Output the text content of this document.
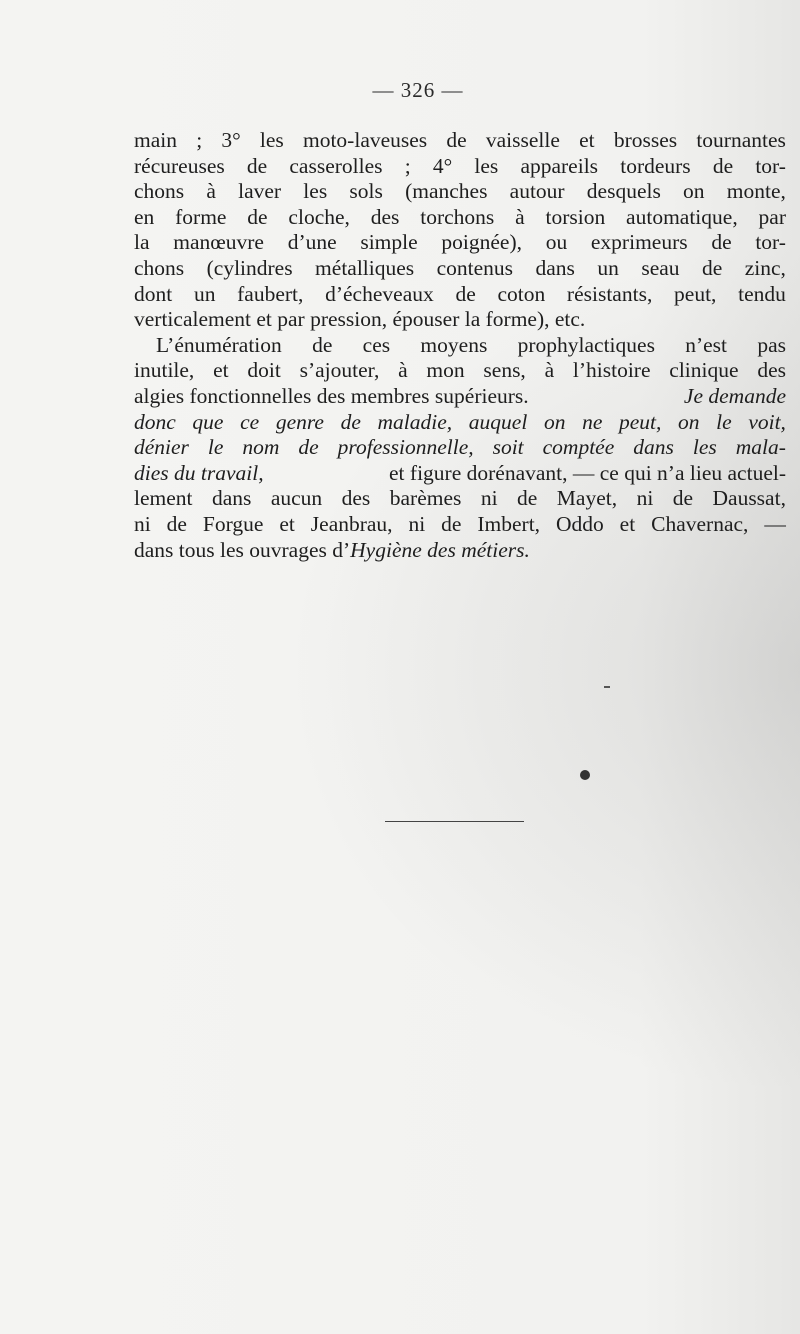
— 326 —
main ; 3° les moto-laveuses de vaisselle et brosses tournantes
récureuses de casserolles ; 4° les appareils tordeurs de tor-
chons à laver les sols (manches autour desquels on monte,
en forme de cloche, des torchons à torsion automatique, par
la manœuvre d’une simple poignée), ou exprimeurs de tor-
chons (cylindres métalliques contenus dans un seau de zinc,
dont un faubert, d’écheveaux de coton résistants, peut, tendu
verticalement et par pression, épouser la forme), etc.
L’énumération de ces moyens prophylactiques n’est pas
inutile, et doit s’ajouter, à mon sens, à l’histoire clinique des
algies fonctionnelles des membres supérieurs.	Je demande
donc que ce genre de maladie, auquel on ne peut, on le voit,
dénier le nom de professionnelle, soit comptée dans les mala-
dies du travail,	et figure dorénavant, — ce qui n’a lieu actuel-
lement dans aucun des barèmes ni de Mayet, ni de Daussat,
ni de Forgue et Jeanbrau, ni de Imbert, Oddo et Chavernac, —
dans tous les ouvrages d’ Hygiène des métiers.
